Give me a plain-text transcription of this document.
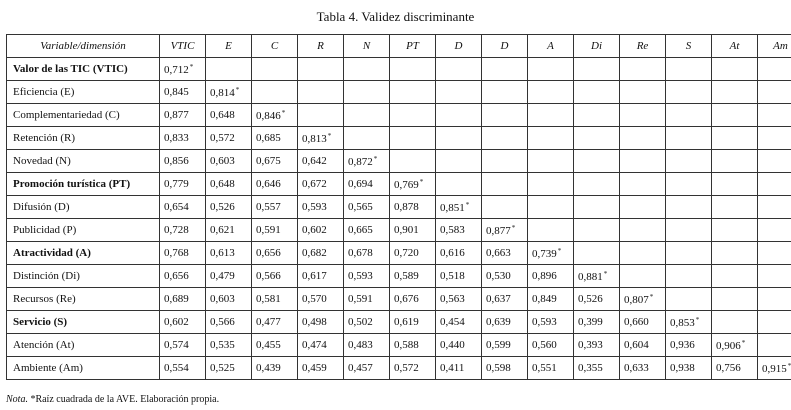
Tabla 4. Validez discriminante
Variable/dimensión	VTIC	E	C	R	N	PT	D	D	A	Di	Re	S	At	Am
Valor de las TIC (VTIC)	0,712*													
Eficiencia (E)	0,845	0,814*												
Complementariedad (C)	0,877	0,648	0,846*											
Retención (R)	0,833	0,572	0,685	0,813*										
Novedad (N)	0,856	0,603	0,675	0,642	0,872*									
Promoción turística (PT)	0,779	0,648	0,646	0,672	0,694	0,769*								
Difusión (D)	0,654	0,526	0,557	0,593	0,565	0,878	0,851*							
Publicidad (P)	0,728	0,621	0,591	0,602	0,665	0,901	0,583	0,877*						
Atractividad (A)	0,768	0,613	0,656	0,682	0,678	0,720	0,616	0,663	0,739*					
Distinción (Di)	0,656	0,479	0,566	0,617	0,593	0,589	0,518	0,530	0,896	0,881*				
Recursos (Re)	0,689	0,603	0,581	0,570	0,591	0,676	0,563	0,637	0,849	0,526	0,807*			
Servicio (S)	0,602	0,566	0,477	0,498	0,502	0,619	0,454	0,639	0,593	0,399	0,660	0,853*		
Atención (At)	0,574	0,535	0,455	0,474	0,483	0,588	0,440	0,599	0,560	0,393	0,604	0,936	0,906*	
Ambiente (Am)	0,554	0,525	0,439	0,459	0,457	0,572	0,411	0,598	0,551	0,355	0,633	0,938	0,756	0,915*
Nota. *Raíz cuadrada de la AVE. Elaboración propia.
